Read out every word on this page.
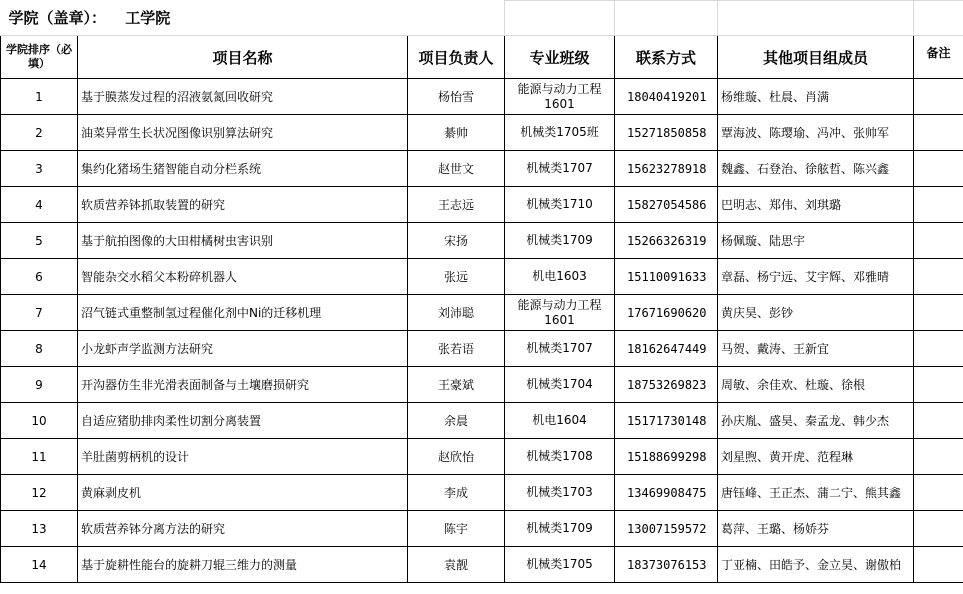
学院（盖章）： 工学院						
学院排序（必填）	项目名称	项目负责人	专业班级	联系方式	其他项目组成员	备注
1	基于膜蒸发过程的沼液氨氮回收研究	杨怡雪	能源与动力工程1601	18040419201	杨维璇、杜晨、肖满	
2	油菜异常生长状况图像识别算法研究	綦帅	机械类1705班	15271850858	覃海波、陈璎瑜、冯冲、张帅军	
3	集约化猪场生猪智能自动分栏系统	赵世文	机械类1707	15623278918	魏鑫、石登治、徐舷哲、陈兴鑫	
4	软质营养钵抓取装置的研究	王志远	机械类1710	15827054586	巴明志、郑伟、刘琪璐	
5	基于航拍图像的大田柑橘树虫害识别	宋扬	机械类1709	15266326319	杨佩璇、陆思宇	
6	智能杂交水稻父本粉碎机器人	张远	机电1603	15110091633	章磊、杨宁远、艾宇辉、邓雅晴	
7	沼气链式重整制氢过程催化剂中Ni的迁移机理	刘沛聪	能源与动力工程1601	17671690620	黄庆昊、彭钞	
8	小龙虾声学监测方法研究	张若语	机械类1707	18162647449	马贺、戴涛、王新宜	
9	开沟器仿生非光滑表面制备与土壤磨损研究	王豪斌	机械类1704	18753269823	周敏、余佳欢、杜璇、徐根	
10	自适应猪肋排肉柔性切割分离装置	余晨	机电1604	15171730148	孙庆胤、盛昊、秦孟龙、韩少杰	
11	羊肚菌剪柄机的设计	赵欣怡	机械类1708	15188699298	刘星煦、黄开虎、范程琳	
12	黄麻剥皮机	李成	机械类1703	13469908475	唐钰峰、王正杰、蒲二宁、熊其鑫	
13	软质营养钵分离方法的研究	陈宇	机械类1709	13007159572	葛萍、王璐、杨娇芬	
14	基于旋耕性能台的旋耕刀辊三维力的测量	袁靓	机械类1705	18373076153	丁亚楠、田皓予、金立昊、谢傲柏	
